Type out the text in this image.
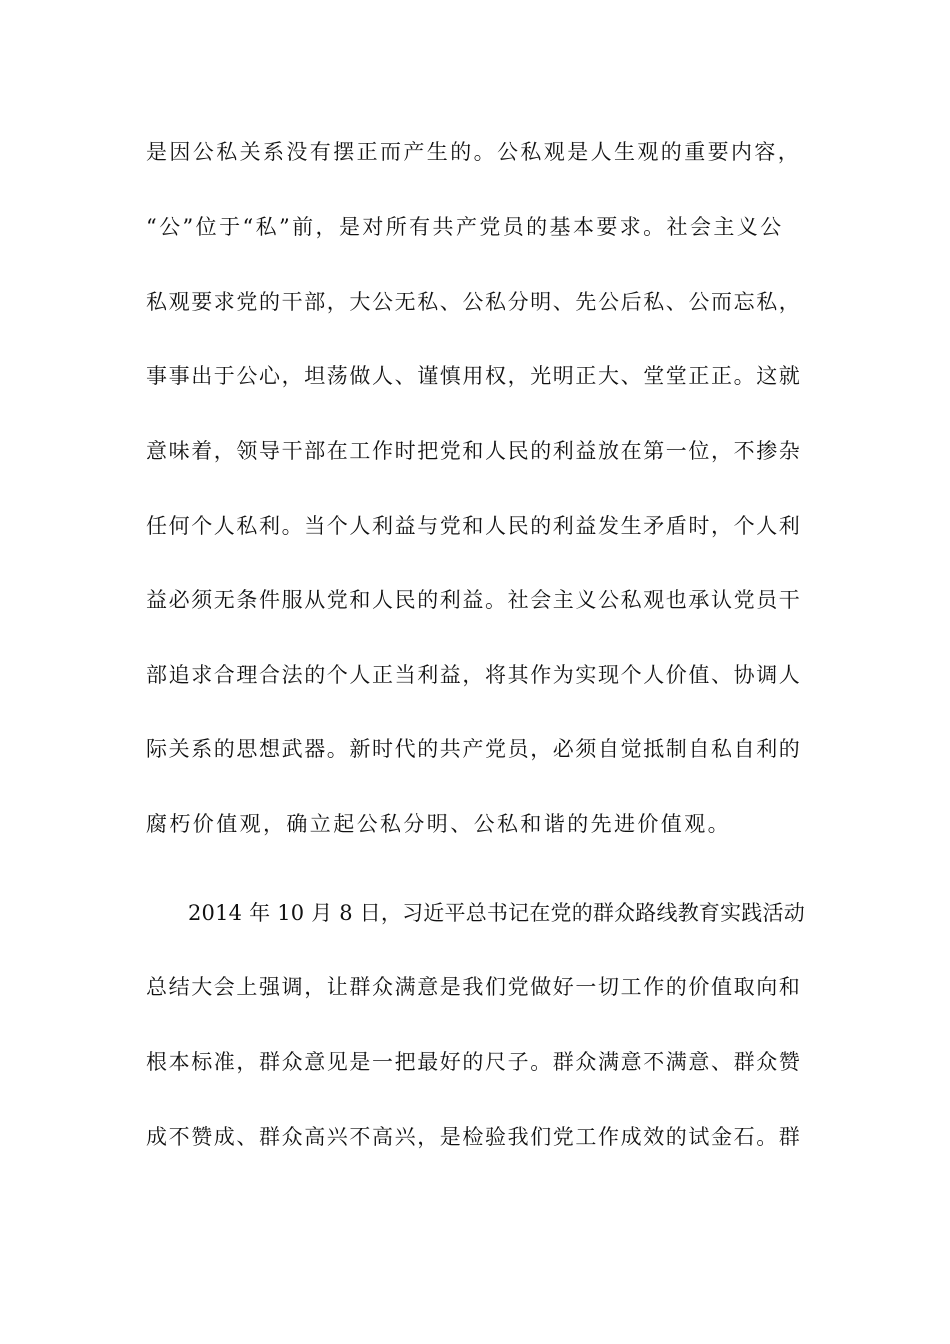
是因公私关系没有摆正而产生的。公私观是人生观的重要内容，
“公”位于“私”前，是对所有共产党员的基本要求。社会主义公
私观要求党的干部，大公无私、公私分明、先公后私、公而忘私，
事事出于公心，坦荡做人、谨慎用权，光明正大、堂堂正正。这就
意味着，领导干部在工作时把党和人民的利益放在第一位，不掺杂
任何个人私利。当个人利益与党和人民的利益发生矛盾时，个人利
益必须无条件服从党和人民的利益。社会主义公私观也承认党员干
部追求合理合法的个人正当利益，将其作为实现个人价值、协调人
际关系的思想武器。新时代的共产党员，必须自觉抵制自私自利的
腐朽价值观，确立起公私分明、公私和谐的先进价值观。
2014 年 10 月 8 日，习近平总书记在党的群众路线教育实践活动
总结大会上强调，让群众满意是我们党做好一切工作的价值取向和
根本标准，群众意见是一把最好的尺子。群众满意不满意、群众赞
成不赞成、群众高兴不高兴，是检验我们党工作成效的试金石。群
